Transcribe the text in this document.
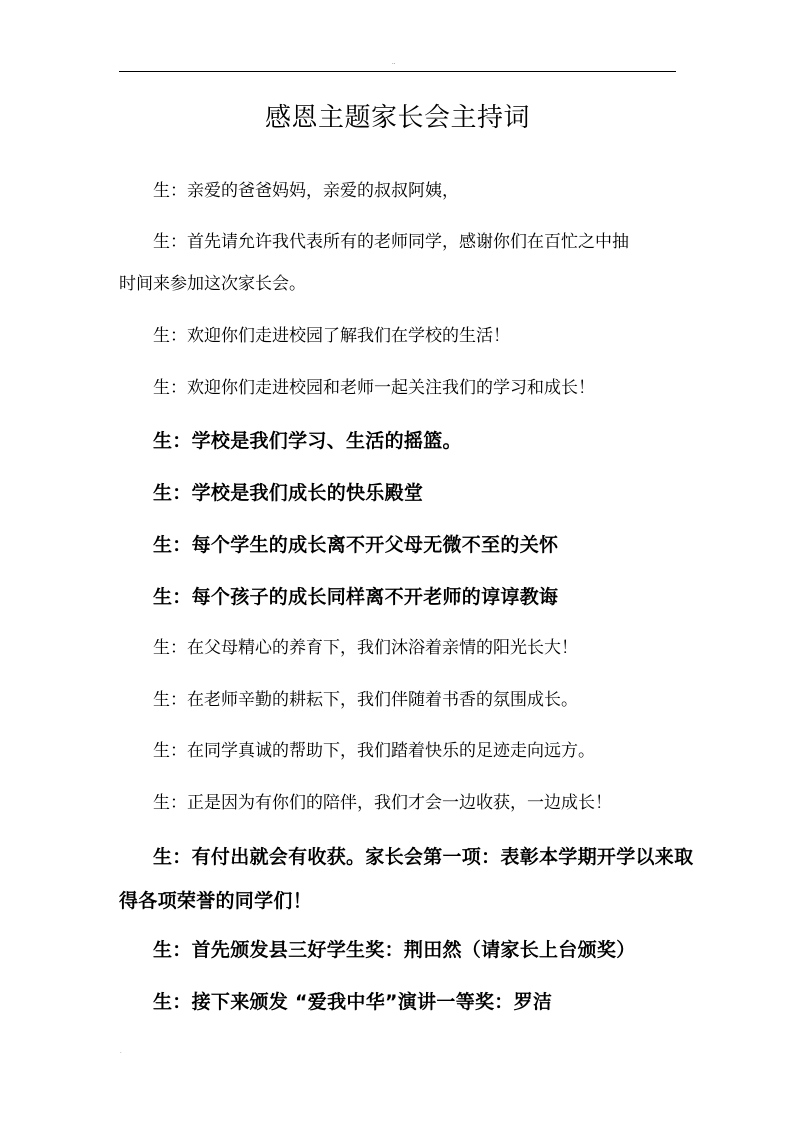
..
感恩主题家长会主持词
生：亲爱的爸爸妈妈，亲爱的叔叔阿姨，
生：首先请允许我代表所有的老师同学，感谢你们在百忙之中抽
时间来参加这次家长会。
生：欢迎你们走进校园了解我们在学校的生活！
生：欢迎你们走进校园和老师一起关注我们的学习和成长！
生：学校是我们学习、生活的摇篮。
生：学校是我们成长的快乐殿堂
生：每个学生的成长离不开父母无微不至的关怀
生：每个孩子的成长同样离不开老师的谆谆教诲
生：在父母精心的养育下，我们沐浴着亲情的阳光长大！
生：在老师辛勤的耕耘下，我们伴随着书香的氛围成长。
生：在同学真诚的帮助下，我们踏着快乐的足迹走向远方。
生：正是因为有你们的陪伴，我们才会一边收获，一边成长！
生：有付出就会有收获。家长会第一项：表彰本学期开学以来取
得各项荣誉的同学们！
生：首先颁发县三好学生奖：荆田然（请家长上台颁奖）
生：接下来颁发 “爱我中华”演讲一等奖：罗洁
.
